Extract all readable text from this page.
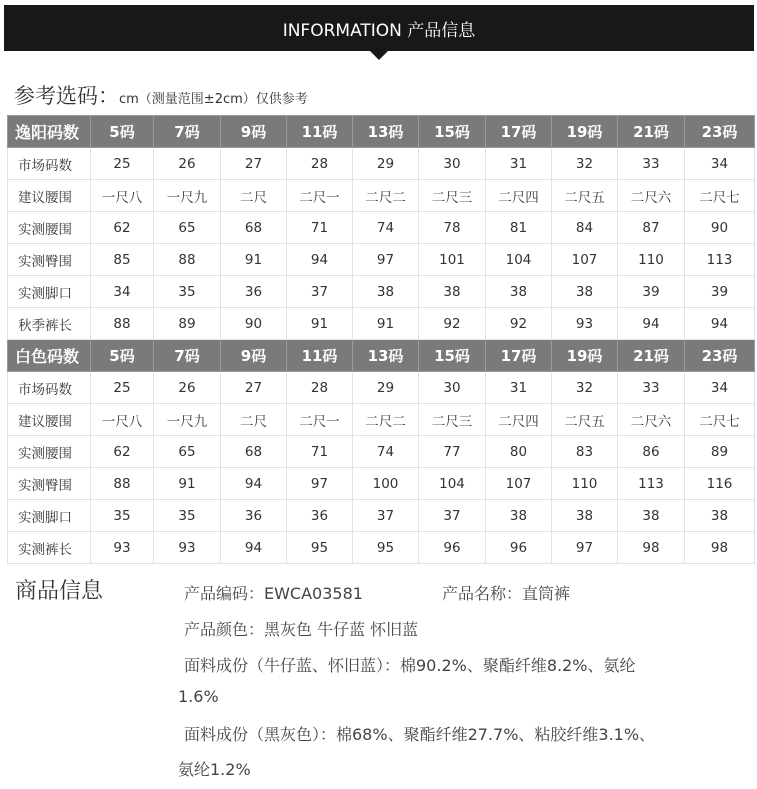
INFORMATION 产品信息
参考选码：cm（测量范围±2cm）仅供参考
逸阳码数	5码	7码	9码	11码	13码	15码	17码	19码	21码	23码
市场码数	25	26	27	28	29	30	31	32	33	34
建议腰围	一尺八	一尺九	二尺	二尺一	二尺二	二尺三	二尺四	二尺五	二尺六	二尺七
实测腰围	62	65	68	71	74	78	81	84	87	90
实测臀围	85	88	91	94	97	101	104	107	110	113
实测脚口	34	35	36	37	38	38	38	38	39	39
秋季裤长	88	89	90	91	91	92	92	93	94	94
白色码数	5码	7码	9码	11码	13码	15码	17码	19码	21码	23码
市场码数	25	26	27	28	29	30	31	32	33	34
建议腰围	一尺八	一尺九	二尺	二尺一	二尺二	二尺三	二尺四	二尺五	二尺六	二尺七
实测腰围	62	65	68	71	74	77	80	83	86	89
实测臀围	88	91	94	97	100	104	107	110	113	116
实测脚口	35	35	36	36	37	37	38	38	38	38
实测裤长	93	93	94	95	95	96	96	97	98	98
商品信息	产品编码：EWCA03581	产品名称：直筒裤
产品颜色：黑灰色 牛仔蓝 怀旧蓝
面料成份（牛仔蓝、怀旧蓝）：棉90.2%、聚酯纤维8.2%、氨纶
1.6%
面料成份（黑灰色）：棉68%、聚酯纤维27.7%、粘胶纤维3.1%、
氨纶1.2%
